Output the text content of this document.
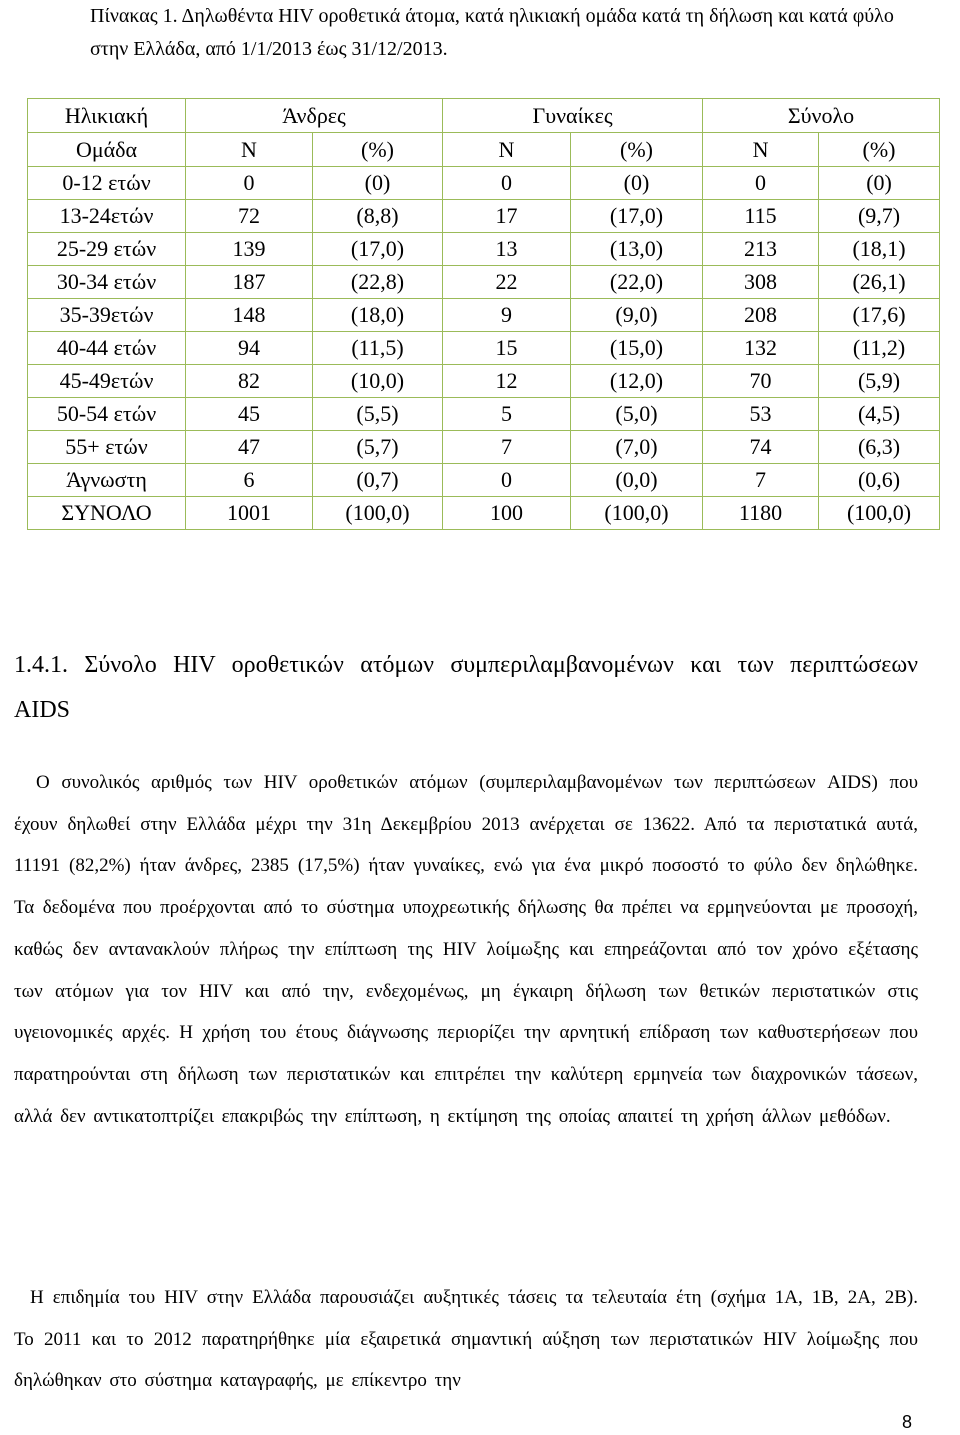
Πίνακας 1. Δηλωθέντα HIV οροθετικά άτομα, κατά ηλικιακή ομάδα κατά τη δήλωση και κατά φύλο στην Ελλάδα, από 1/1/2013 έως 31/12/2013.
Ηλικιακή	Άνδρες		Γυναίκες		Σύνολο	
Ομάδα	Ν	(%)	Ν	(%)	Ν	(%)
0-12 ετών	0	(0)	0	(0)	0	(0)
13-24ετών	72	(8,8)	17	(17,0)	115	(9,7)
25-29 ετών	139	(17,0)	13	(13,0)	213	(18,1)
30-34 ετών	187	(22,8)	22	(22,0)	308	(26,1)
35-39ετών	148	(18,0)	9	(9,0)	208	(17,6)
40-44 ετών	94	(11,5)	15	(15,0)	132	(11,2)
45-49ετών	82	(10,0)	12	(12,0)	70	(5,9)
50-54 ετών	45	(5,5)	5	(5,0)	53	(4,5)
55+ ετών	47	(5,7)	7	(7,0)	74	(6,3)
Άγνωστη	6	(0,7)	0	(0,0)	7	(0,6)
ΣΥΝΟΛΟ	1001	(100,0)	100	(100,0)	1180	(100,0)
1.4.1. Σύνολο HIV οροθετικών ατόμων συμπεριλαμβανομένων και των περιπτώσεων AIDS
Ο συνολικός αριθμός των HIV οροθετικών ατόμων (συμπεριλαμβανομένων των περιπτώσεων AIDS) που έχουν δηλωθεί στην Ελλάδα μέχρι την 31η Δεκεμβρίου 2013 ανέρχεται σε 13622. Από τα περιστατικά αυτά, 11191 (82,2%) ήταν άνδρες, 2385 (17,5%) ήταν γυναίκες, ενώ για ένα μικρό ποσοστό το φύλο δεν δηλώθηκε. Τα δεδομένα που προέρχονται από το σύστημα υποχρεωτικής δήλωσης θα πρέπει να ερμηνεύονται με προσοχή, καθώς δεν αντανακλούν πλήρως την επίπτωση της HIV λοίμωξης και επηρεάζονται από τον χρόνο εξέτασης των ατόμων για τον HIV και από την, ενδεχομένως, μη έγκαιρη δήλωση των θετικών περιστατικών στις υγειονομικές αρχές. Η χρήση του έτους διάγνωσης περιορίζει την αρνητική επίδραση των καθυστερήσεων που παρατηρούνται στη δήλωση των περιστατικών και επιτρέπει την καλύτερη ερμηνεία των διαχρονικών τάσεων, αλλά δεν αντικατοπτρίζει επακριβώς την επίπτωση, η εκτίμηση της οποίας απαιτεί τη χρήση άλλων μεθόδων.
Η επιδημία του HIV στην Ελλάδα παρουσιάζει αυξητικές τάσεις τα τελευταία έτη (σχήμα 1Α, 1Β, 2Α, 2Β). Το 2011 και το 2012 παρατηρήθηκε μία εξαιρετικά σημαντική αύξηση των περιστατικών HIV λοίμωξης που δηλώθηκαν στο σύστημα καταγραφής, με επίκεντρο την
8
